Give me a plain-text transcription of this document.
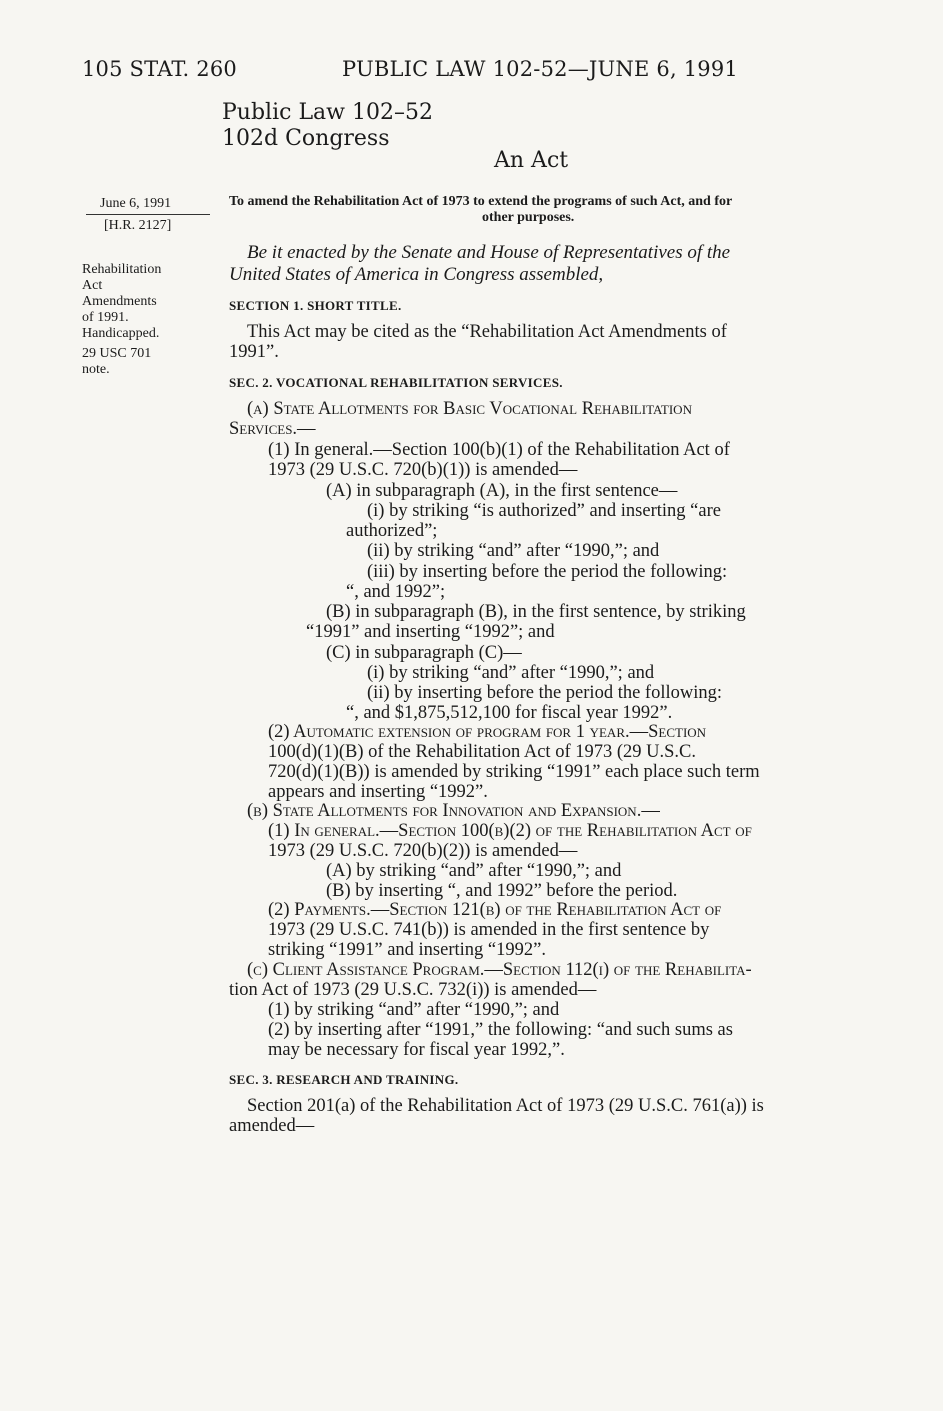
105 STAT. 260	PUBLIC LAW 102-52—JUNE 6, 1991
Public Law 102–52
102d Congress
An Act
June 6, 1991
[H.R. 2127]
Rehabilitation
Act
Amendments
of 1991.
Handicapped.
29 USC 701
note.
To amend the Rehabilitation Act of 1973 to extend the programs of such Act, and for
other purposes.
Be it enacted by the Senate and House of Representatives of the
United States of America in Congress assembled,
SECTION 1. SHORT TITLE.
This Act may be cited as the “Rehabilitation Act Amendments of
1991”.
SEC. 2. VOCATIONAL REHABILITATION SERVICES.
(a) State Allotments for Basic Vocational Rehabilitation
Services.—
(1) In general.—Section 100(b)(1) of the Rehabilitation Act of
1973 (29 U.S.C. 720(b)(1)) is amended—
(A) in subparagraph (A), in the first sentence—
(i) by striking “is authorized” and inserting “are
authorized”;
(ii) by striking “and” after “1990,”; and
(iii) by inserting before the period the following:
“, and 1992”;
(B) in subparagraph (B), in the first sentence, by striking
“1991” and inserting “1992”; and
(C) in subparagraph (C)—
(i) by striking “and” after “1990,”; and
(ii) by inserting before the period the following:
“, and $1,875,512,100 for fiscal year 1992”.
(2) Automatic extension of program for 1 year.—Section
100(d)(1)(B) of the Rehabilitation Act of 1973 (29 U.S.C.
720(d)(1)(B)) is amended by striking “1991” each place such term
appears and inserting “1992”.
(b) State Allotments for Innovation and Expansion.—
(1) In general.—Section 100(b)(2) of the Rehabilitation Act of
1973 (29 U.S.C. 720(b)(2)) is amended—
(A) by striking “and” after “1990,”; and
(B) by inserting “, and 1992” before the period.
(2) Payments.—Section 121(b) of the Rehabilitation Act of
1973 (29 U.S.C. 741(b)) is amended in the first sentence by
striking “1991” and inserting “1992”.
(c) Client Assistance Program.—Section 112(i) of the Rehabilita-
tion Act of 1973 (29 U.S.C. 732(i)) is amended—
(1) by striking “and” after “1990,”; and
(2) by inserting after “1991,” the following: “and such sums as
may be necessary for fiscal year 1992,”.
SEC. 3. RESEARCH AND TRAINING.
Section 201(a) of the Rehabilitation Act of 1973 (29 U.S.C. 761(a)) is
amended—
